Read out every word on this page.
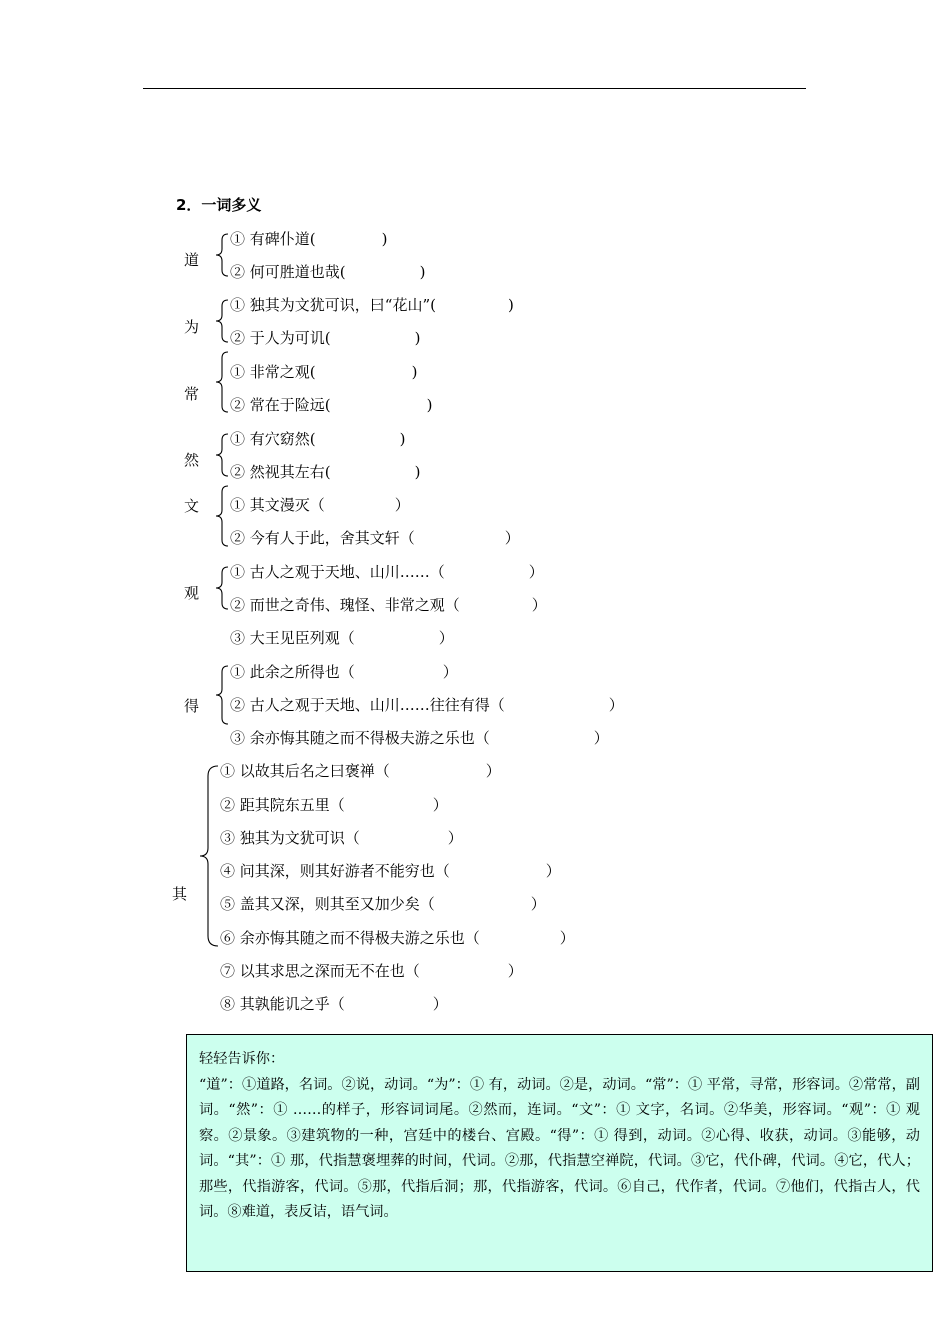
2．一词多义
道
① 有碑仆道(	)
② 何可胜道也哉(	)
为
① 独其为文犹可识，曰“花山”(	)
② 于人为可讥(	)
常
① 非常之观(	)
② 常在于险远(	)
然
① 有穴窈然(	)
② 然视其左右(	)
文 ① 其文漫灭（	）
② 今有人于此，舍其文轩（	）
观
① 古人之观于天地、山川……（	）
② 而世之奇伟、瑰怪、非常之观（	）
③ 大王见臣列观（	）
得
① 此余之所得也（	）
② 古人之观于天地、山川……往往有得（	）
③ 余亦悔其随之而不得极夫游之乐也（	）
其
① 以故其后名之曰褒禅（	）
② 距其院东五里（	）
③ 独其为文犹可识（	）
④ 问其深，则其好游者不能穷也（	）
⑤ 盖其又深，则其至又加少矣（	）
⑥ 余亦悔其随之而不得极夫游之乐也（	）
⑦ 以其求思之深而无不在也（	）
⑧ 其孰能讥之乎（	）
轻轻告诉你：
“道”：①道路，名词。②说，动词。“为”：① 有，动词。②是，动词。“常”：① 平常，寻常，形容词。②常常，副词。“然”：① ……的样子，形容词词尾。②然而，连词。“文”：① 文字，名词。②华美，形容词。“观”：① 观察。②景象。③建筑物的一种，宫廷中的楼台、宫殿。“得”：① 得到，动词。②心得、收获，动词。③能够，动词。“其”：① 那，代指慧褒埋葬的时间，代词。②那，代指慧空禅院，代词。③它，代仆碑，代词。④它，代人；那些，代指游客，代词。⑤那，代指后洞；那，代指游客，代词。⑥自己，代作者，代词。⑦他们，代指古人，代词。⑧难道，表反诘，语气词。
